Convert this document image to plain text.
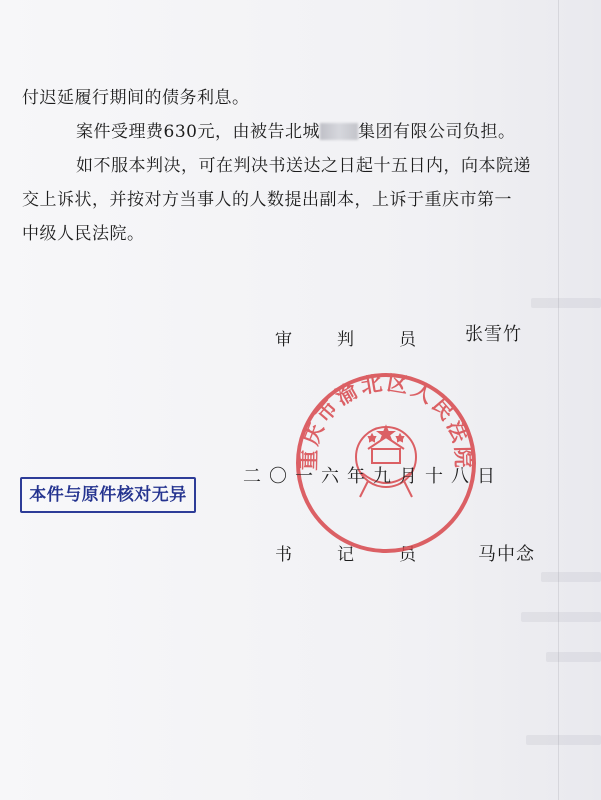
付迟延履行期间的债务利息。
案件受理费630元，由被告北城 集团有限公司负担。
如不服本判决，可在判决书送达之日起十五日内，向本院递
交上诉状，并按对方当事人的人数提出副本，上诉于重庆市第一
中级人民法院。
审	判	员	张雪竹
重庆市渝北区人民法院
二〇一六年九月十八日
本件与原件核对无异
书	记	员	马中念
